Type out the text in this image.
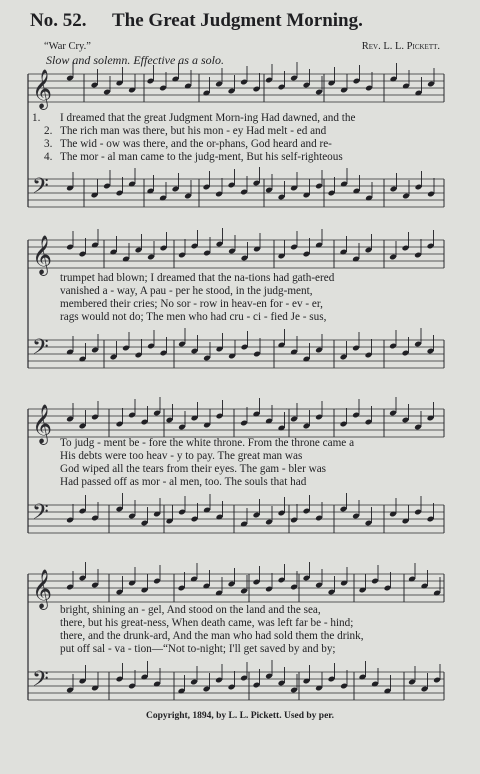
No. 52. The Great Judgment Morning.
“War Cry.”	Rev. L. L. Pickett.
Slow and solemn. Effective as a solo.
𝄞
𝄢
1. I dreamed that the great Judgment Morn-ing Had dawned, and the
2. The rich man was there, but his mon - ey Had melt - ed and
3. The wid - ow was there, and the or-phans, God heard and re-
4. The mor - al man came to the judg-ment, But his self-righteous
𝄞
𝄢
trumpet had blown; I dreamed that the na-tions had gath-ered
vanished a - way, A pau - per he stood, in the judg-ment,
membered their cries; No sor - row in heav-en for - ev - er,
rags would not do; The men who had cru - ci - fied Je - sus,
𝄞
𝄢
To judg - ment be - fore the white throne. From the throne came a
His debts were too heav - y to pay. The great man was
God wiped all the tears from their eyes. The gam - bler was
Had passed off as mor - al men, too. The souls that had
𝄞
𝄢
bright, shining an - gel, And stood on the land and the sea,
there, but his great-ness, When death came, was left far be - hind;
there, and the drunk-ard, And the man who had sold them the drink,
put off sal - va - tion—“Not to-night; I'll get saved by and by;
Copyright, 1894, by L. L. Pickett. Used by per.
